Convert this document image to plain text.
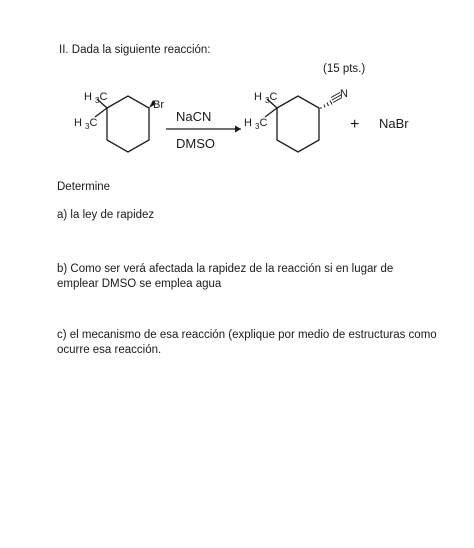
II. Dada la siguiente reacción:
(15 pts.)
H $_3$C
H $_3$C
Br
NaCN
DMSO
N
H $_3$C
H $_3$C	+ NaBr
Determine
a) la ley de rapidez
b) Como ser verá afectada la rapidez de la reacción si en lugar de emplear DMSO se emplea agua
c) el mecanismo de esa reacción (explique por medio de estructuras como ocurre esa reacción.
